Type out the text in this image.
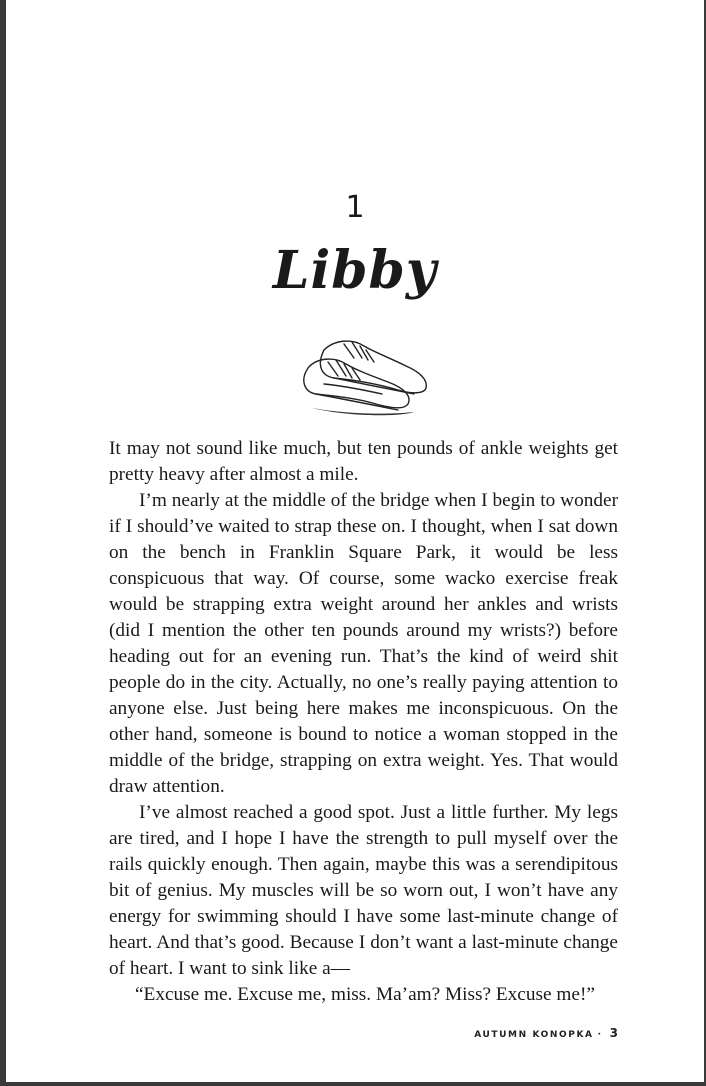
1
Libby

It may not sound like much, but ten pounds of ankle weights get pretty heavy after almost a mile.

I’m nearly at the middle of the bridge when I begin to wonder if I should’ve waited to strap these on. I thought, when I sat down on the bench in Franklin Square Park, it would be less conspicuous that way. Of course, some wacko exercise freak would be strapping extra weight around her ankles and wrists (did I mention the other ten pounds around my wrists?) before heading out for an evening run. That’s the kind of weird shit people do in the city. Actually, no one’s really paying attention to anyone else. Just being here makes me inconspicuous. On the other hand, someone is bound to notice a woman stopped in the middle of the bridge, strapping on extra weight. Yes. That would draw attention.

I’ve almost reached a good spot. Just a little further. My legs are tired, and I hope I have the strength to pull myself over the rails quickly enough. Then again, maybe this was a serendipitous bit of genius. My muscles will be so worn out, I won’t have any energy for swimming should I have some last-minute change of heart. And that’s good. Because I don’t want a last-minute change of heart. I want to sink like a—

“Excuse me. Excuse me, miss. Ma’am? Miss? Excuse me!”

AUTUMN KONOPKA · 3
